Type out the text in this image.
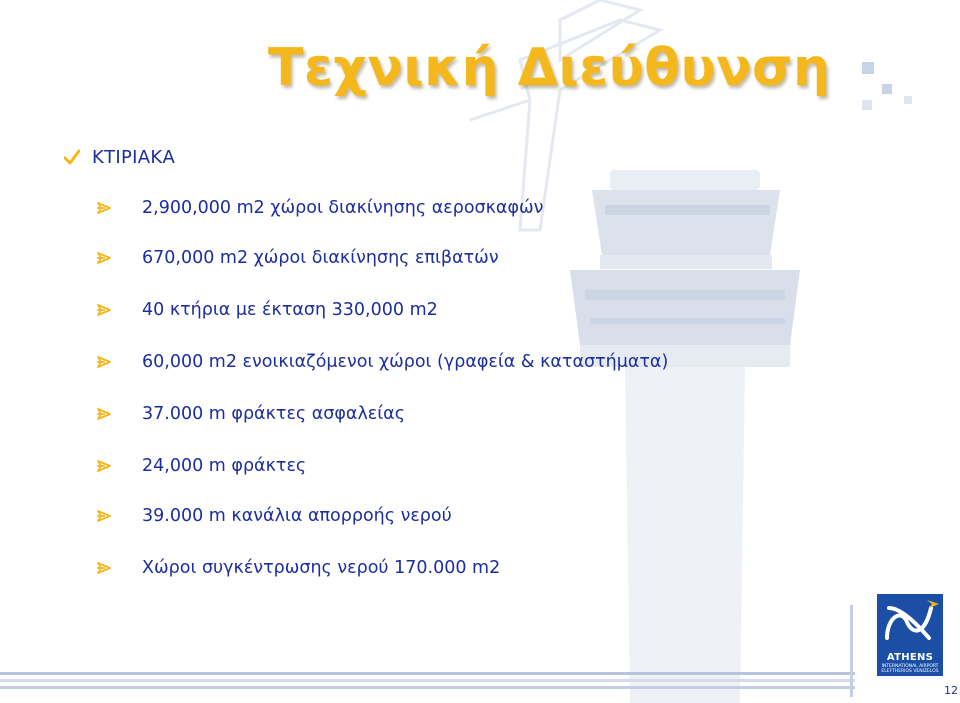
Τεχνική Διεύθυνση
ΚΤΙΡΙΑΚΑ
2,900,000 m2 χώροι διακίνησης αεροσκαφών
670,000 m2 χώροι διακίνησης επιβατών
40 κτήρια με έκταση 330,000 m2
60,000 m2 ενοικιαζόμενοι χώροι (γραφεία & καταστήματα)
37.000 m φράκτες ασφαλείας
24,000 m φράκτες
39.000 m κανάλια απορροής νερού
Χώροι συγκέντρωσης νερού 170.000 m2
ATHENS
INTERNATIONAL AIRPORT
ELEFTHERIOS VENIZELOS
12
